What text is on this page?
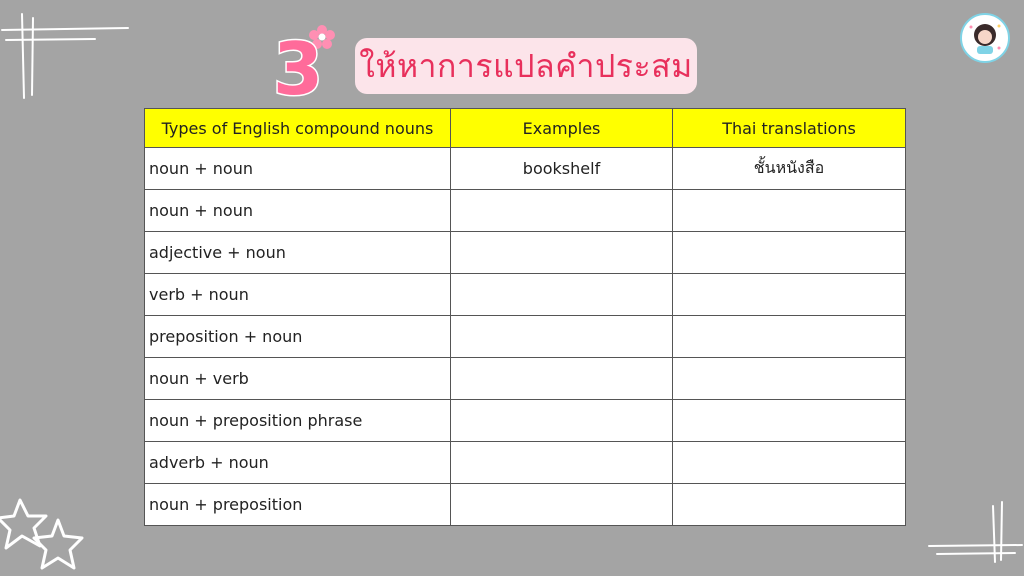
3 ให้หาการแปลคำประสม
Types of English compound nouns	Examples	Thai translations
noun + noun	bookshelf	ชั้นหนังสือ
noun + noun		
adjective + noun		
verb + noun		
preposition + noun		
noun + verb		
noun + preposition phrase		
adverb + noun		
noun + preposition		
